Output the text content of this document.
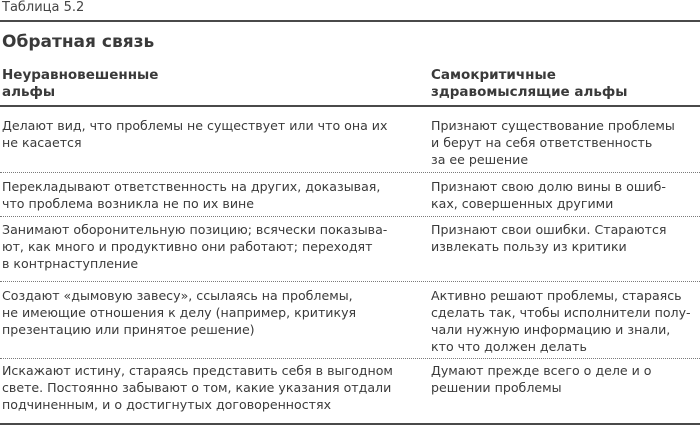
Таблица 5.2
Обратная связь
Неуравновешенные
альфы
Самокритичные
здравомыслящие альфы
Делают вид, что проблемы не существует или что она их
не касается
Признают существование проблемы
и берут на себя ответственность
за ее решение
Перекладывают ответственность на других, доказывая,
что проблема возникла не по их вине
Признают свою долю вины в ошиб-
ках, совершенных другими
Занимают оборонительную позицию; всячески показыва-
ют, как много и продуктивно они работают; переходят
в контрнаступление
Признают свои ошибки. Стараются
извлекать пользу из критики
Создают «дымовую завесу», ссылаясь на проблемы,
не имеющие отношения к делу (например, критикуя
презентацию или принятое решение)
Активно решают проблемы, стараясь
сделать так, чтобы исполнители полу-
чали нужную информацию и знали,
кто что должен делать
Искажают истину, стараясь представить себя в выгодном
свете. Постоянно забывают о том, какие указания отдали
подчиненным, и о достигнутых договоренностях
Думают прежде всего о деле и о
решении проблемы
